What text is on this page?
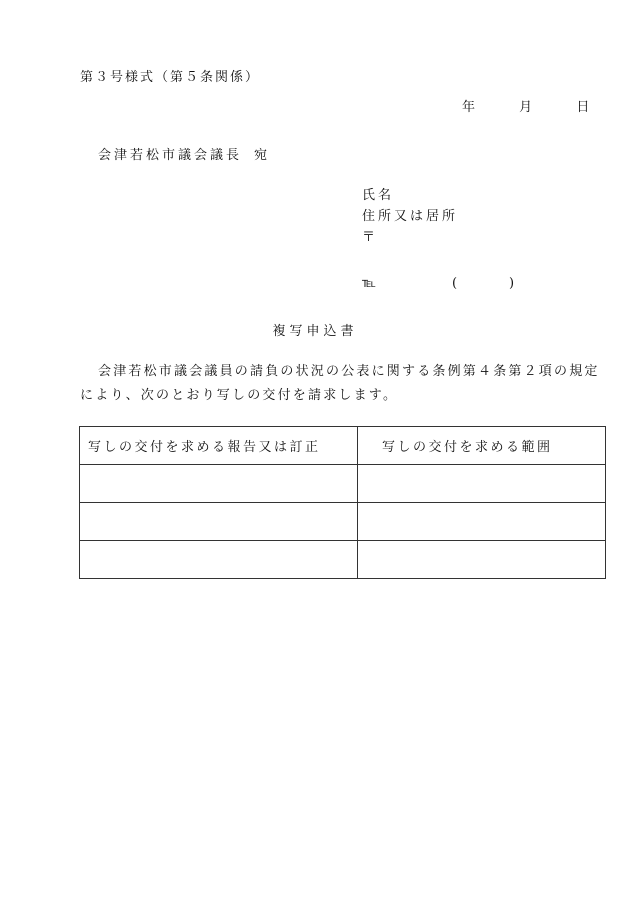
第３号様式（第５条関係）
年	月	日
会津若松市議会議長 宛
氏名
住所又は居所
〒
℡	(	)
複写申込書
会津若松市議会議員の請負の状況の公表に関する条例第４条第２項の規定により、次のとおり写しの交付を請求します。
写しの交付を求める報告又は訂正	写しの交付を求める範囲
